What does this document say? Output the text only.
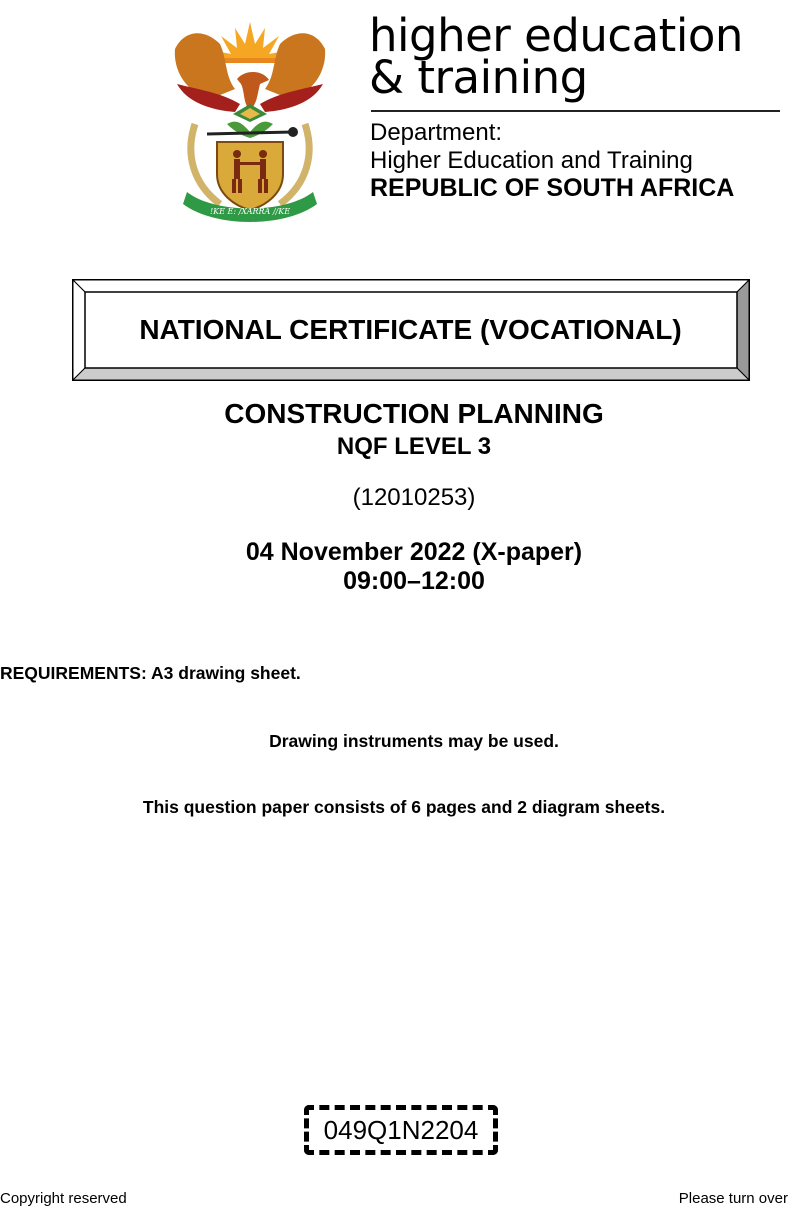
!KE E: /XARRA //KE
higher education
& training
Department:
Higher Education and Training
REPUBLIC OF SOUTH AFRICA
NATIONAL CERTIFICATE (VOCATIONAL)
CONSTRUCTION PLANNING
NQF LEVEL 3
(12010253)
04 November 2022 (X-paper)
09:00–12:00
REQUIREMENTS: A3 drawing sheet.
Drawing instruments may be used.
This question paper consists of 6 pages and 2 diagram sheets.
049Q1N2204
Copyright reserved	Please turn over
